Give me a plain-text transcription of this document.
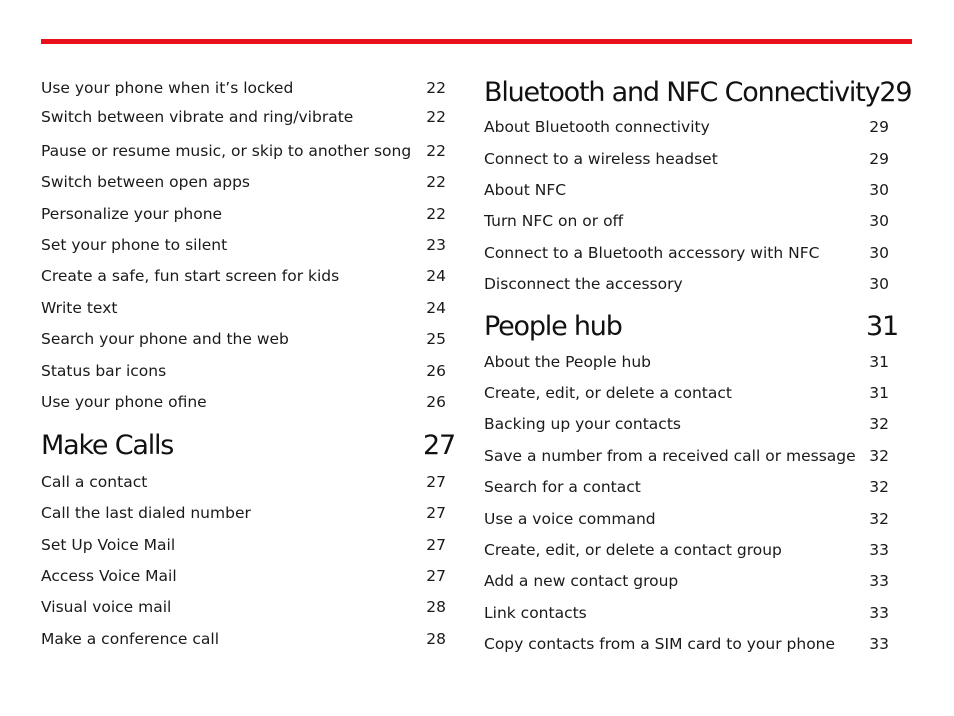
Use your phone when it’s locked	22
Switch between vibrate and ring/vibrate	22
Pause or resume music, or skip to another song 22
Switch between open apps	22
Personalize your phone	22
Set your phone to silent	23
Create a safe, fun start screen for kids	24
Write text	24
Search your phone and the web	25
Status bar icons	26
Use your phone ofine	26
Make Calls	27
Call a contact	27
Call the last dialed number	27
Set Up Voice Mail	27
Access Voice Mail	27
Visual voice mail	28
Make a conference call	28
Bluetooth and NFC Connectivity 29
About Bluetooth connectivity	29
Connect to a wireless headset	29
About NFC	30
Turn NFC on or off	30
Connect to a Bluetooth accessory with NFC	30
Disconnect the accessory	30
People hub	31
About the People hub	31
Create, edit, or delete a contact	31
Backing up your contacts	32
Save a number from a received call or message 32
Search for a contact	32
Use a voice command	32
Create, edit, or delete a contact group	33
Add a new contact group	33
Link contacts	33
Copy contacts from a SIM card to your phone 33
